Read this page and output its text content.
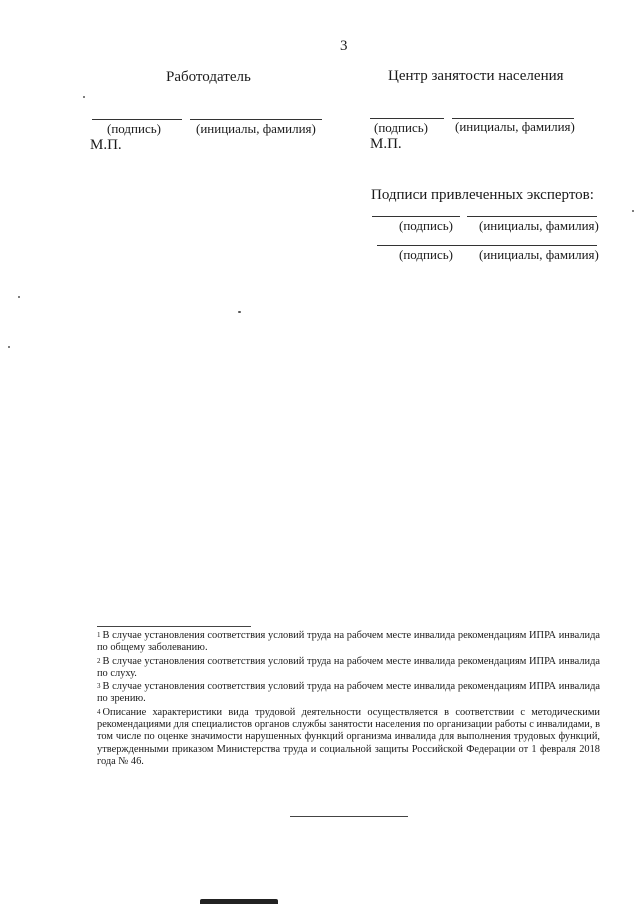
3
Работодатель
(подпись)	(инициалы, фамилия)
М.П.
Центр занятости населения
(подпись) (инициалы, фамилия)
М.П.
Подписи привлеченных экспертов:
(подпись) (инициалы, фамилия)
(подпись) (инициалы, фамилия)
$^1$ В случае установления соответствия условий труда на рабочем месте инвалида рекомендациям ИПРА инвалида по общему заболеванию.
$^2$ В случае установления соответствия условий труда на рабочем месте инвалида рекомендациям ИПРА инвалида по слуху.
$^3$ В случае установления соответствия условий труда на рабочем месте инвалида рекомендациям ИПРА инвалида по зрению.
$^4$ Описание характеристики вида трудовой деятельности осуществляется в соответствии с методическими рекомендациями для специалистов органов службы занятости населения по организации работы с инвалидами, в том числе по оценке значимости нарушенных функций организма инвалида для выполнения трудовых функций, утвержденными приказом Министерства труда и социальной защиты Российской Федерации от 1 февраля 2018 года № 46.
